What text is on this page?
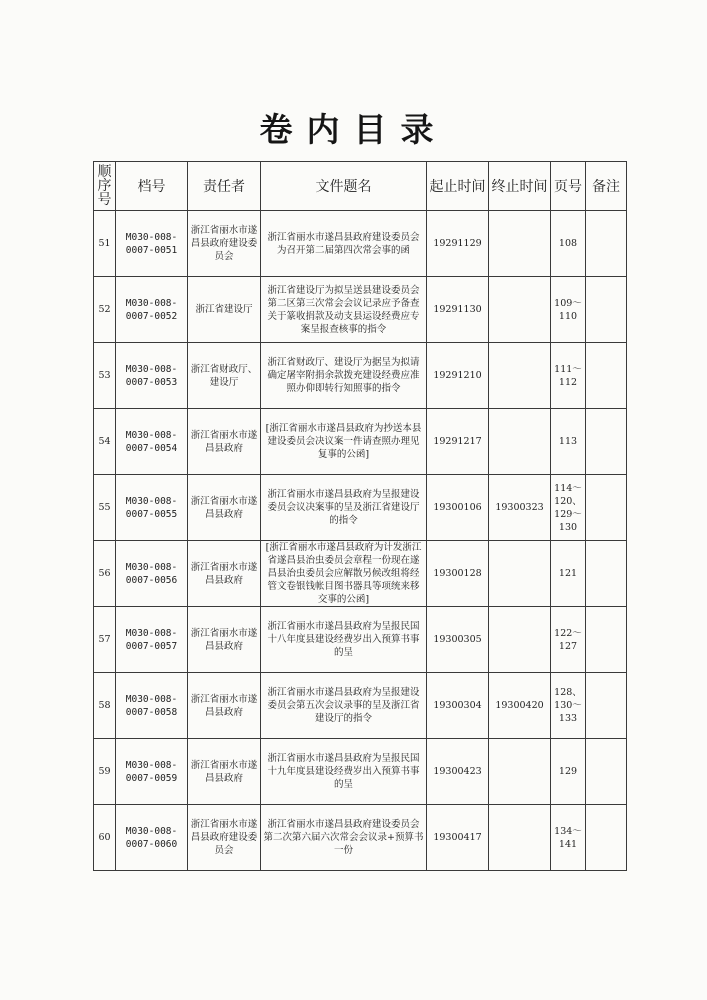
卷内目录
顺序号	档号	责任者	文件题名	起止时间	终止时间	页号	备注
51	M030-008-0007-0051	浙江省丽水市遂昌县政府建设委员会	浙江省丽水市遂昌县政府建设委员会为召开第二届第四次常会事的函	19291129		108	
52	M030-008-0007-0052	浙江省建设厅	浙江省建设厅为拟呈送县建设委员会第二区第三次常会会议记录应予备查关于篆收捐款及动支县运设经费应专案呈报查核事的指令	19291130		109～110	
53	M030-008-0007-0053	浙江省财政厅、建设厅	浙江省财政厅、建设厅为据呈为拟请确定屠宰附捐余款拨充建设经费应准照办仰即转行知照事的指令	19291210		111～112	
54	M030-008-0007-0054	浙江省丽水市遂昌县政府	[浙江省丽水市遂昌县政府为抄送本县建设委员会决议案一件请查照办理见复事的公函]	19291217		113	
55	M030-008-0007-0055	浙江省丽水市遂昌县政府	浙江省丽水市遂昌县政府为呈报建设委员会议决案事的呈及浙江省建设厅的指令	19300106	19300323	114～120、129～130	
56	M030-008-0007-0056	浙江省丽水市遂昌县政府	[浙江省丽水市遂昌县政府为计发浙江省遂昌县治虫委员会章程一份现在遂昌县治虫委员会应解散另候改组将经管文卷银钱帐目图书器具等项统来移交事的公函]	19300128		121	
57	M030-008-0007-0057	浙江省丽水市遂昌县政府	浙江省丽水市遂昌县政府为呈报民国十八年度县建设经费岁出入预算书事的呈	19300305		122～127	
58	M030-008-0007-0058	浙江省丽水市遂昌县政府	浙江省丽水市遂昌县政府为呈报建设委员会第五次会议录事的呈及浙江省建设厅的指令	19300304	19300420	128、130～133	
59	M030-008-0007-0059	浙江省丽水市遂昌县政府	浙江省丽水市遂昌县政府为呈报民国十九年度县建设经费岁出入预算书事的呈	19300423		129	
60	M030-008-0007-0060	浙江省丽水市遂昌县政府建设委员会	浙江省丽水市遂昌县政府建设委员会第二次第六届六次常会会议录+预算书一份	19300417		134～141	
